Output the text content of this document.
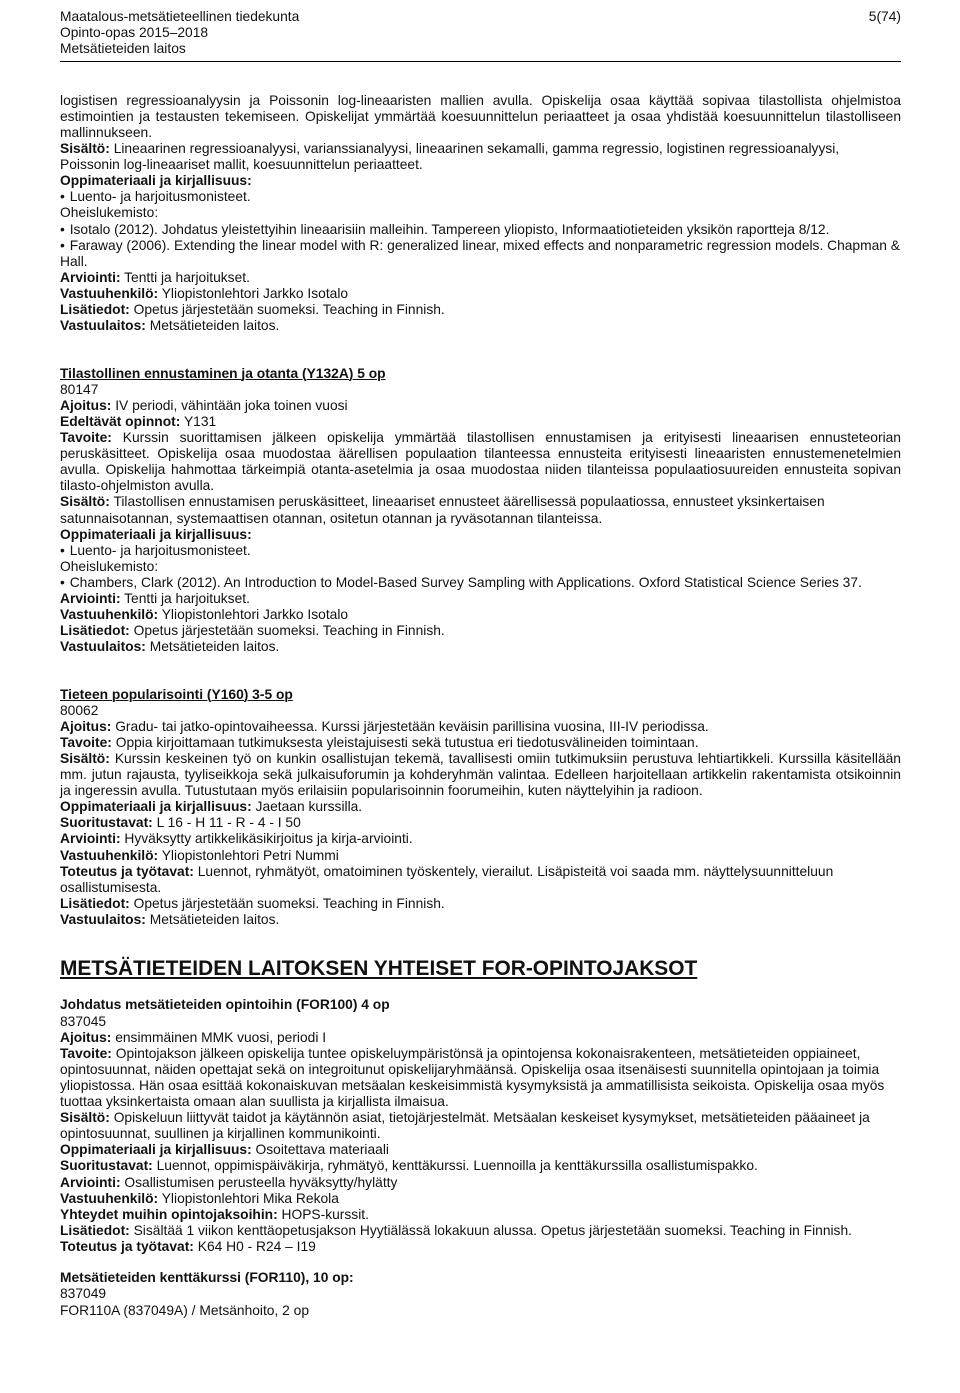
Maatalous-metsätieteellinen tiedekunta	5(74)
Opinto-opas 2015–2018
Metsätieteiden laitos

logistisen regressioanalyysin ja Poissonin log-lineaaristen mallien avulla. Opiskelija osaa käyttää sopivaa tilastollista ohjelmistoa estimointien ja testausten tekemiseen. Opiskelijat ymmärtää koesuunnittelun periaatteet ja osaa yhdistää koesuunnittelun tilastolliseen mallinnukseen.

Sisältö: Lineaarinen regressioanalyysi, varianssianalyysi, lineaarinen sekamalli, gamma regressio, logistinen regressioanalyysi, Poissonin log-lineaariset mallit, koesuunnittelun periaatteet.

Oppimateriaali ja kirjallisuus:

• Luento- ja harjoitusmonisteet.

Oheislukemisto:

• Isotalo (2012). Johdatus yleistettyihin lineaarisiin malleihin. Tampereen yliopisto, Informaatiotieteiden yksikön raportteja 8/12.

• Faraway (2006). Extending the linear model with R: generalized linear, mixed effects and nonparametric regression models. Chapman & Hall.

Arviointi: Tentti ja harjoitukset.

Vastuuhenkilö: Yliopistonlehtori Jarkko Isotalo

Lisätiedot: Opetus järjestetään suomeksi. Teaching in Finnish.

Vastuulaitos: Metsätieteiden laitos.

Tilastollinen ennustaminen ja otanta (Y132A) 5 op

80147

Ajoitus: IV periodi, vähintään joka toinen vuosi

Edeltävät opinnot: Y131

Tavoite: Kurssin suorittamisen jälkeen opiskelija ymmärtää tilastollisen ennustamisen ja erityisesti lineaarisen ennusteteorian peruskäsitteet. Opiskelija osaa muodostaa äärellisen populaation tilanteessa ennusteita erityisesti lineaaristen ennustemenetelmien avulla. Opiskelija hahmottaa tärkeimpiä otanta-asetelmia ja osaa muodostaa niiden tilanteissa populaatiosuureiden ennusteita sopivan tilasto-ohjelmiston avulla.

Sisältö: Tilastollisen ennustamisen peruskäsitteet, lineaariset ennusteet äärellisessä populaatiossa, ennusteet yksinkertaisen satunnaisotannan, systemaattisen otannan, ositetun otannan ja ryväsotannan tilanteissa.

Oppimateriaali ja kirjallisuus:

• Luento- ja harjoitusmonisteet.

Oheislukemisto:

• Chambers, Clark (2012). An Introduction to Model-Based Survey Sampling with Applications. Oxford Statistical Science Series 37.

Arviointi: Tentti ja harjoitukset.

Vastuuhenkilö: Yliopistonlehtori Jarkko Isotalo

Lisätiedot: Opetus järjestetään suomeksi. Teaching in Finnish.

Vastuulaitos: Metsätieteiden laitos.

Tieteen popularisointi (Y160) 3-5 op

80062

Ajoitus: Gradu- tai jatko-opintovaiheessa. Kurssi järjestetään keväisin parillisina vuosina, III-IV periodissa.

Tavoite: Oppia kirjoittamaan tutkimuksesta yleistajuisesti sekä tutustua eri tiedotusvälineiden toimintaan.

Sisältö: Kurssin keskeinen työ on kunkin osallistujan tekemä, tavallisesti omiin tutkimuksiin perustuva lehtiartikkeli. Kurssilla käsitellään mm. jutun rajausta, tyyliseikkoja sekä julkaisuforumin ja kohderyhmän valintaa. Edelleen harjoitellaan artikkelin rakentamista otsikoinnin ja ingeressin avulla. Tutustutaan myös erilaisiin popularisoinnin foorumeihin, kuten näyttelyihin ja radioon.

Oppimateriaali ja kirjallisuus: Jaetaan kurssilla.

Suoritustavat: L 16 - H 11 - R - 4 - I 50

Arviointi: Hyväksytty artikkelikäsikirjoitus ja kirja-arviointi.

Vastuuhenkilö: Yliopistonlehtori Petri Nummi

Toteutus ja työtavat: Luennot, ryhmätyöt, omatoiminen työskentely, vierailut. Lisäpisteitä voi saada mm. näyttelysuunnitteluun osallistumisesta.

Lisätiedot: Opetus järjestetään suomeksi. Teaching in Finnish.

Vastuulaitos: Metsätieteiden laitos.

METSÄTIETEIDEN LAITOKSEN YHTEISET FOR-OPINTOJAKSOT

Johdatus metsätieteiden opintoihin (FOR100) 4 op

837045

Ajoitus: ensimmäinen MMK vuosi, periodi I

Tavoite: Opintojakson jälkeen opiskelija tuntee opiskeluympäristönsä ja opintojensa kokonaisrakenteen, metsätieteiden oppiaineet, opintosuunnat, näiden opettajat sekä on integroitunut opiskelijaryhmäänsä. Opiskelija osaa itsenäisesti suunnitella opintojaan ja toimia yliopistossa. Hän osaa esittää kokonaiskuvan metsäalan keskeisimmistä kysymyksistä ja ammatillisista seikoista. Opiskelija osaa myös tuottaa yksinkertaista omaan alan suullista ja kirjallista ilmaisua.

Sisältö: Opiskeluun liittyvät taidot ja käytännön asiat, tietojärjestelmät. Metsäalan keskeiset kysymykset, metsätieteiden pääaineet ja opintosuunnat, suullinen ja kirjallinen kommunikointi.

Oppimateriaali ja kirjallisuus: Osoitettava materiaali

Suoritustavat: Luennot, oppimispäiväkirja, ryhmätyö, kenttäkurssi. Luennoilla ja kenttäkurssilla osallistumispakko.

Arviointi: Osallistumisen perusteella hyväksytty/hylätty

Vastuuhenkilö: Yliopistonlehtori Mika Rekola

Yhteydet muihin opintojaksoihin: HOPS-kurssit.

Lisätiedot: Sisältää 1 viikon kenttäopetusjakson Hyytiälässä lokakuun alussa. Opetus järjestetään suomeksi. Teaching in Finnish.

Toteutus ja työtavat: K64 H0 - R24 – I19

Metsätieteiden kenttäkurssi (FOR110), 10 op:

837049

FOR110A (837049A) / Metsänhoito, 2 op
